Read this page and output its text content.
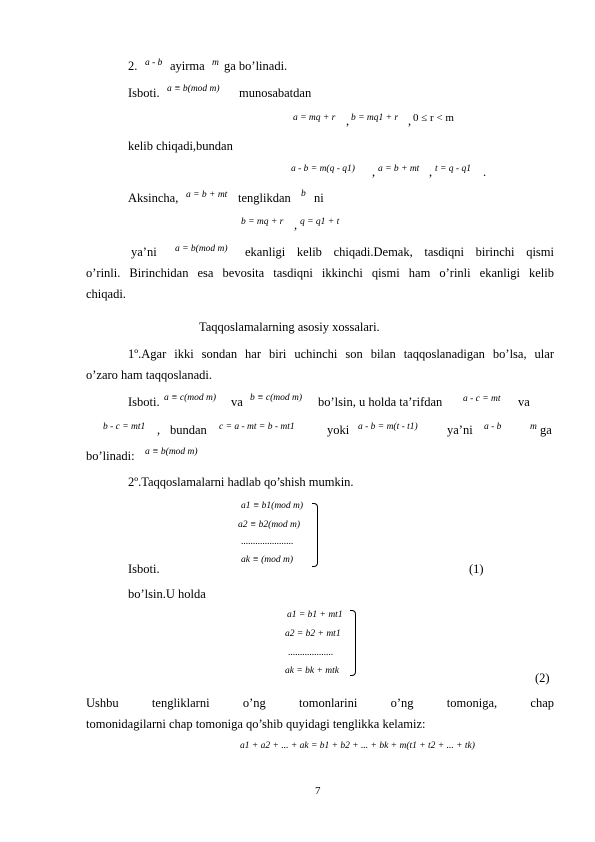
2. a - b ayirma m ga bo’linadi.
Isboti. a ≡ b(mod m) munosabatdan
a = mq + r , b = mq1 + r , 0 ≤ r < m
kelib chiqadi,bundan
a - b = m(q - q1) , a = b + mt , t = q - q1 .
Aksincha, a = b + mt tenglikdan b ni
b = mq + r , q = q1 + t
ya’ni a = b(mod m) ekanligi kelib chiqadi.Demak, tasdiqni birinchi qismi
o’rinli. Birinchidan esa bevosita tasdiqni ikkinchi qismi ham o’rinli ekanligi kelib
chiqadi.
Taqqoslamalarning asosiy xossalari.
1º.Agar ikki sondan har biri uchinchi son bilan taqqoslanadigan bo’lsa, ular
o’zaro ham taqqoslanadi.
Isboti. a ≡ c(mod m) va b ≡ c(mod m) bo’lsin, u holda ta’rifdan a - c = mt va
b - c = mt1 , bundan c = a - mt = b - mt1	yoki a - b = m(t - t1) ya’ni a - b	m ga
bo’linadi: a ≡ b(mod m)
2º.Taqqoslamalarni hadlab qo’shish mumkin.
a1 ≡ b1(mod m)
a2 ≡ b2(mod m)
......................
ak ≡ (mod m)
Isboti.	(1)
bo’lsin.U holda
a1 = b1 + mt1
a2 = b2 + mt1
...................
ak = bk + mtk	(2)
Ushbu	tengliklarni	o’ng	tomonlarini	o’ng	tomoniga,	chap
tomonidagilarni chap tomoniga qo’shib quyidagi tenglikka kelamiz:
a1 + a2 + ... + ak = b1 + b2 + ... + bk + m(t1 + t2 + ... + tk)
7
